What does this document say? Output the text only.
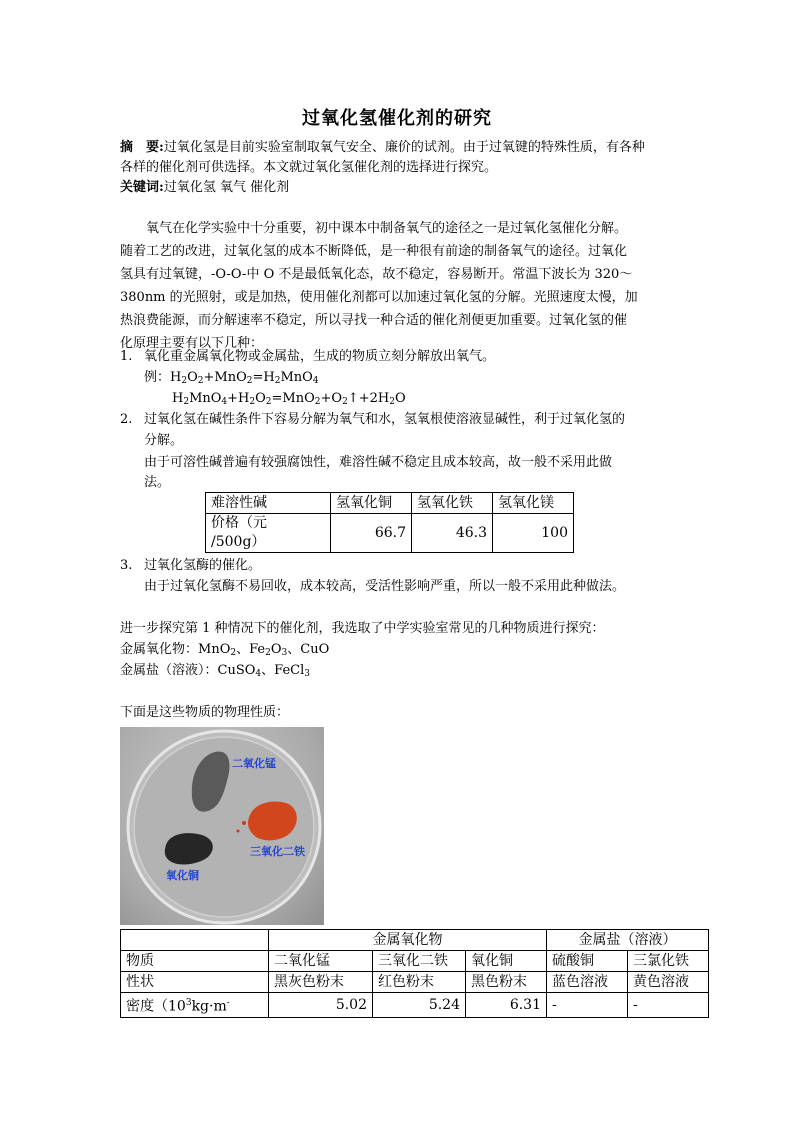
过氧化氢催化剂的研究
摘　要:过氧化氢是目前实验室制取氧气安全、廉价的试剂。由于过氧键的特殊性质，有各种
各样的催化剂可供选择。本文就过氧化氢催化剂的选择进行探究。
关键词:过氧化氢 氧气 催化剂
　　氧气在化学实验中十分重要，初中课本中制备氧气的途径之一是过氧化氢催化分解。
随着工艺的改进，过氧化氢的成本不断降低，是一种很有前途的制备氧气的途径。过氧化
氢具有过氧键，-O-O-中 O 不是最低氧化态，故不稳定，容易断开。常温下波长为 320～
380nm 的光照射，或是加热，使用催化剂都可以加速过氧化氢的分解。光照速度太慢，加
热浪费能源，而分解速率不稳定，所以寻找一种合适的催化剂便更加重要。过氧化氢的催
化原理主要有以下几种：
1. 氧化重金属氧化物或金属盐，生成的物质立刻分解放出氧气。
例：$H_2O_2+MnO_2=H_2MnO_4$
$H_2MnO_4+H_2O_2=MnO_2+O_2↑+2H_2O$
2. 过氧化氢在碱性条件下容易分解为氧气和水，氢氧根使溶液显碱性，利于过氧化氢的
分解。
由于可溶性碱普遍有较强腐蚀性，难溶性碱不稳定且成本较高，故一般不采用此做
法。
难溶性碱	氢氧化铜	氢氧化铁	氢氧化镁
价格（元
/500g）	66.7	46.3	100
3. 过氧化氢酶的催化。
由于过氧化氢酶不易回收，成本较高，受活性影响严重，所以一般不采用此种做法。
进一步探究第 1 种情况下的催化剂，我选取了中学实验室常见的几种物质进行探究：
金属氧化物：MnO$_2$、$Fe_2O_3$、CuO
金属盐（溶液）：CuSO$_4$、FeCl$_3$
下面是这些物质的物理性质：
二氧化锰
三氧化二铁
氧化铜
	金属氧化物			金属盐（溶液）	
物质	二氧化锰	三氧化二铁	氧化铜	硫酸铜	三氯化铁
性状	黑灰色粉末	红色粉末	黑色粉末	蓝色溶液	黄色溶液
密度（$10^3kg\cdot m^-$	5.02	5.24	6.31	-	-
